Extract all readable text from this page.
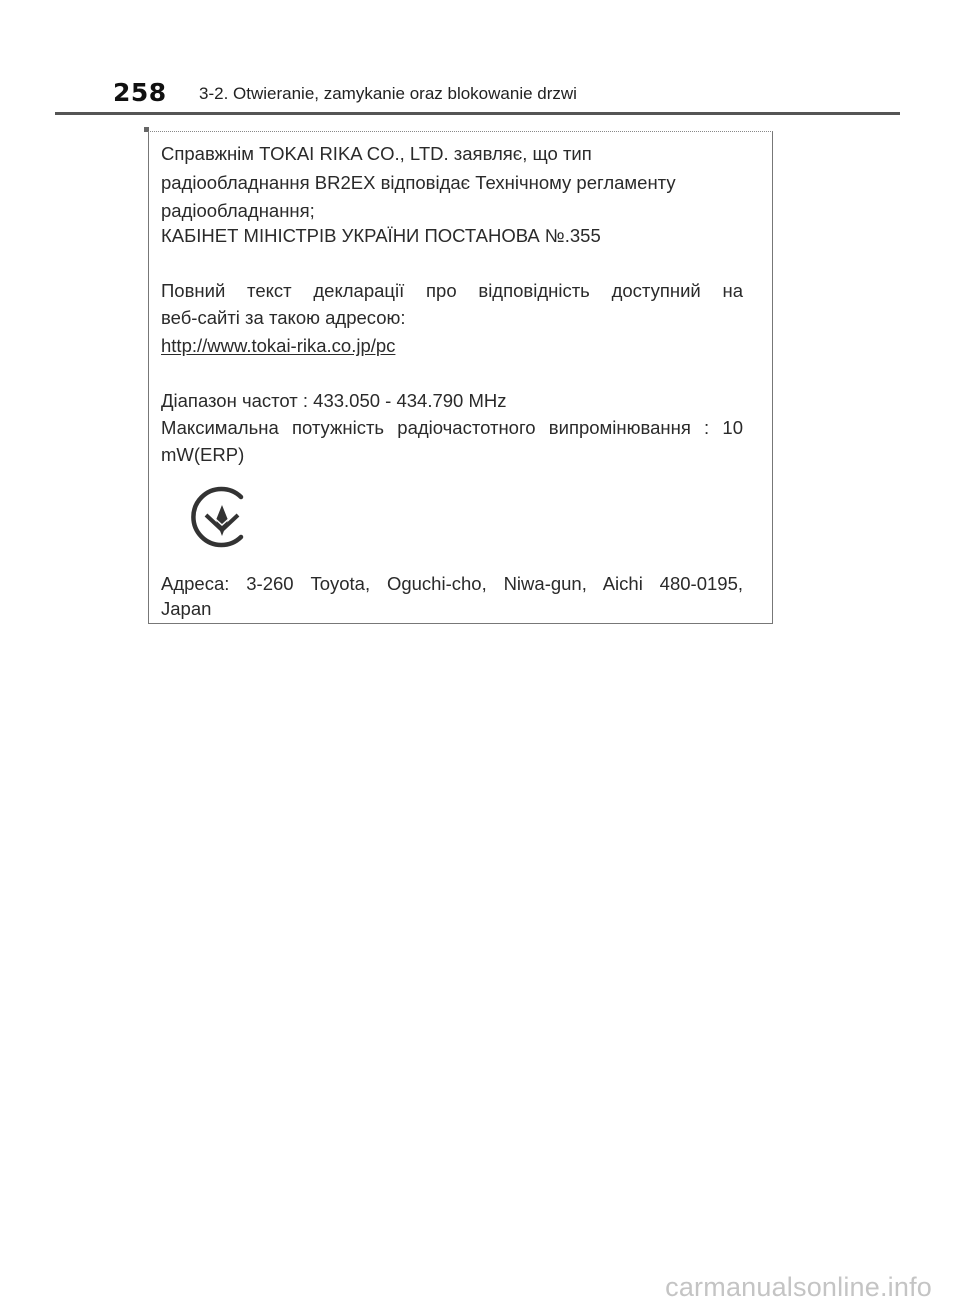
258 3-2. Otwieranie, zamykanie oraz blokowanie drzwi
Справжнім TOKAI RIKA CO., LTD. заявляє, що тип
радіообладнання BR2EX відповідає Технічному регламенту
радіообладнання;
КАБІНЕТ МІНІСТРІВ УКРАЇНИ ПОСТАНОВА №.355
Повний текст декларації про відповідність доступний на
веб-сайті за такою адресою:
http://www.tokai-rika.co.jp/pc
Діапазон частот : 433.050 - 434.790 MHz
Максимальна потужність радіочастотного випромінювання : 10
mW(ERP)
Адреса: 3-260 Toyota, Oguchi-cho, Niwa-gun, Aichi 480-0195,
Japan
carmanualsonline.info
